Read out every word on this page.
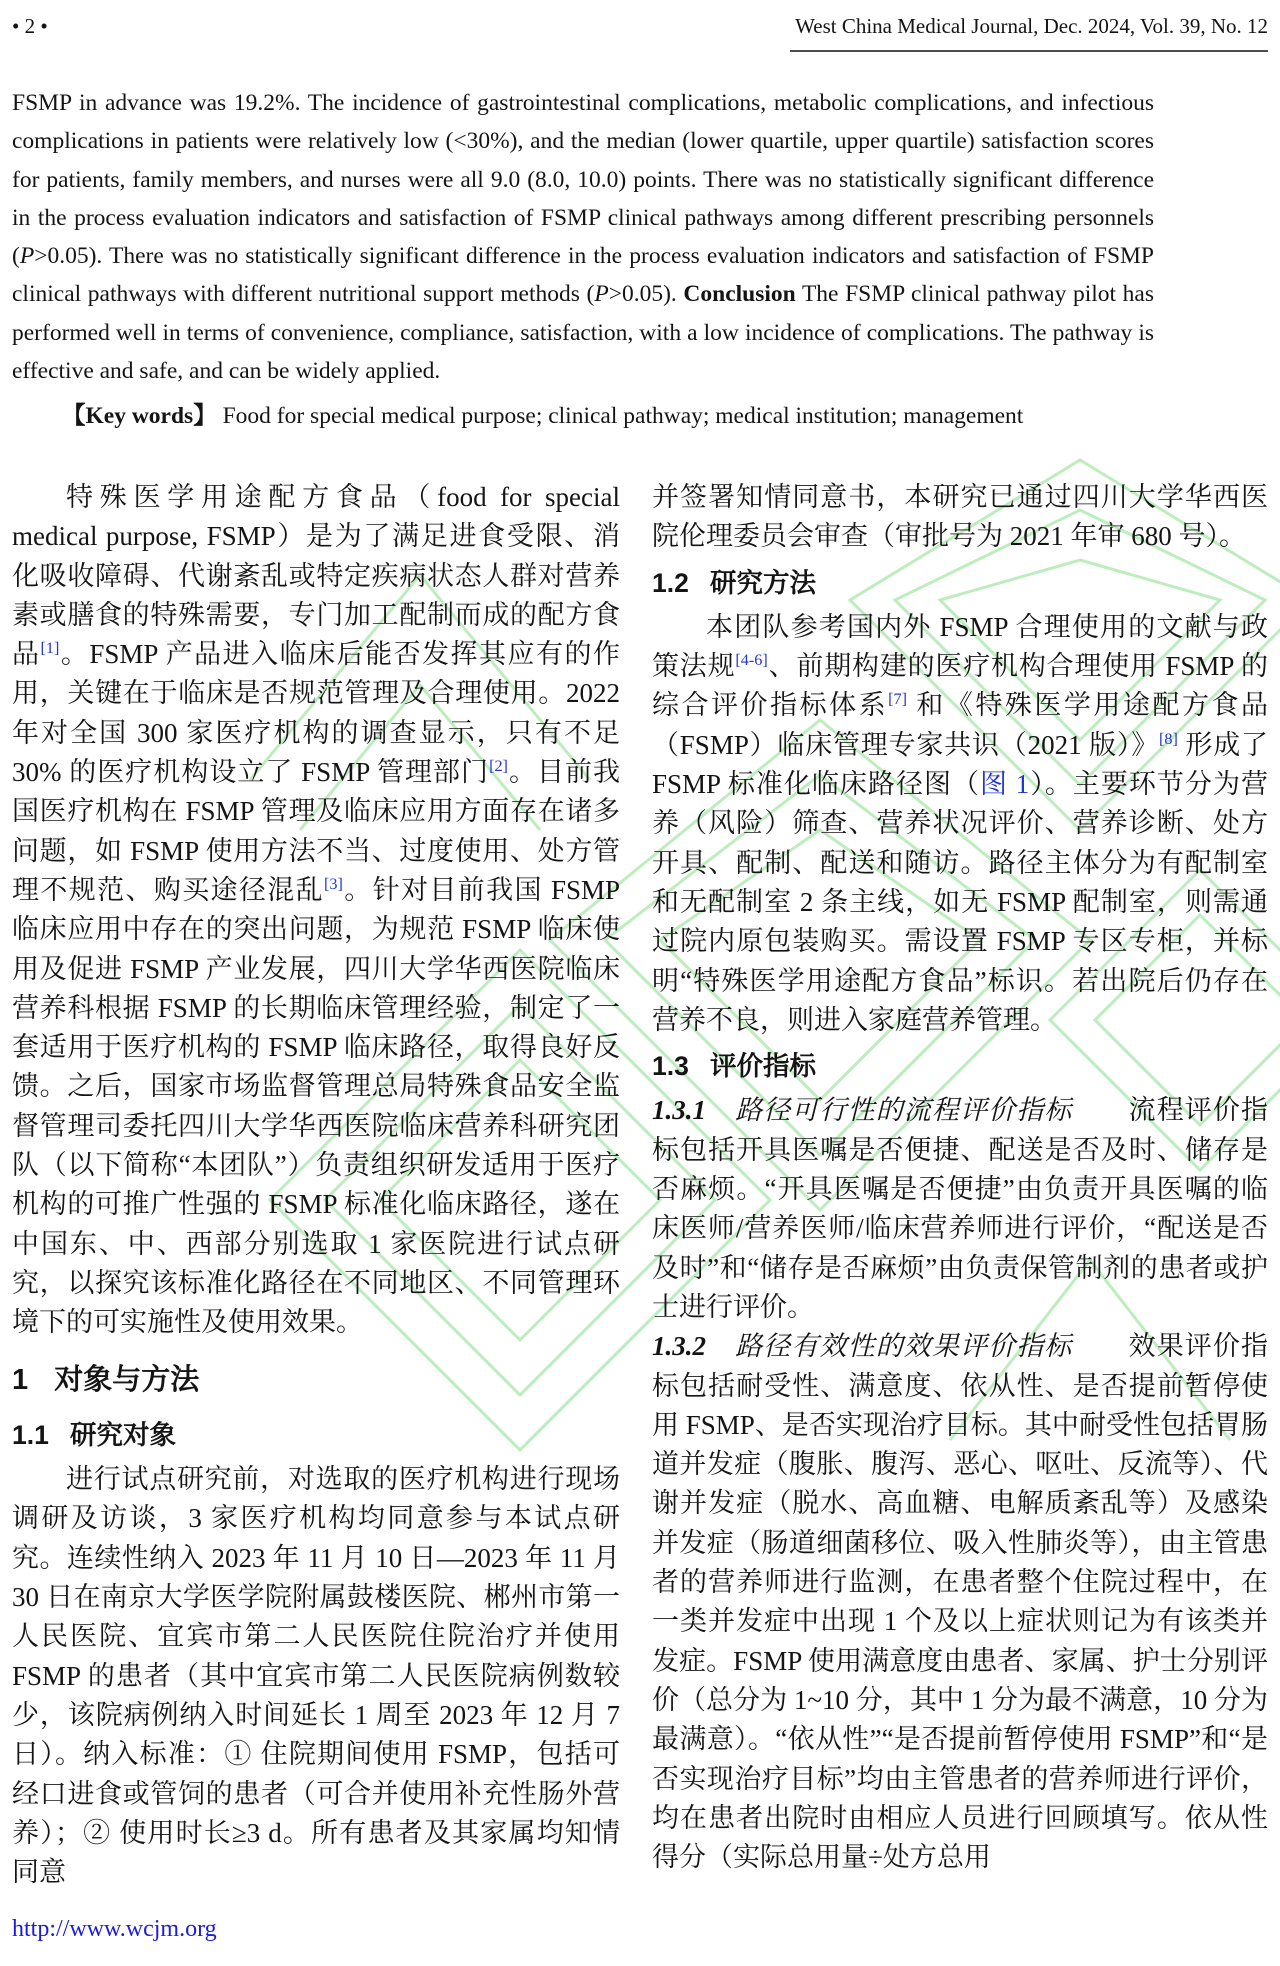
• 2 •	West China Medical Journal, Dec. 2024, Vol. 39, No. 12
FSMP in advance was 19.2%. The incidence of gastrointestinal complications, metabolic complications, and infectious complications in patients were relatively low (<30%), and the median (lower quartile, upper quartile) satisfaction scores for patients, family members, and nurses were all 9.0 (8.0, 10.0) points. There was no statistically significant difference in the process evaluation indicators and satisfaction of FSMP clinical pathways among different prescribing personnels (P>0.05). There was no statistically significant difference in the process evaluation indicators and satisfaction of FSMP clinical pathways with different nutritional support methods (P>0.05). Conclusion The FSMP clinical pathway pilot has performed well in terms of convenience, compliance, satisfaction, with a low incidence of complications. The pathway is effective and safe, and can be widely applied.
【Key words】 Food for special medical purpose; clinical pathway; medical institution; management

特殊医学用途配方食品（food for special medical purpose, FSMP）是为了满足进食受限、消化吸收障碍、代谢紊乱或特定疾病状态人群对营养素或膳食的特殊需要，专门加工配制而成的配方食品[1]。FSMP 产品进入临床后能否发挥其应有的作用，关键在于临床是否规范管理及合理使用。2022 年对全国 300 家医疗机构的调查显示，只有不足 30% 的医疗机构设立了 FSMP 管理部门[2]。目前我国医疗机构在 FSMP 管理及临床应用方面存在诸多问题，如 FSMP 使用方法不当、过度使用、处方管理不规范、购买途径混乱[3]。针对目前我国 FSMP 临床应用中存在的突出问题，为规范 FSMP 临床使用及促进 FSMP 产业发展，四川大学华西医院临床营养科根据 FSMP 的长期临床管理经验，制定了一套适用于医疗机构的 FSMP 临床路径，取得良好反馈。之后，国家市场监督管理总局特殊食品安全监督管理司委托四川大学华西医院临床营养科研究团队（以下简称“本团队”）负责组织研发适用于医疗机构的可推广性强的 FSMP 标准化临床路径，遂在中国东、中、西部分别选取 1 家医院进行试点研究，以探究该标准化路径在不同地区、不同管理环境下的可实施性及使用效果。

1 对象与方法
1.1 研究对象

进行试点研究前，对选取的医疗机构进行现场调研及访谈，3 家医疗机构均同意参与本试点研究。连续性纳入 2023 年 11 月 10 日—2023 年 11 月 30 日在南京大学医学院附属鼓楼医院、郴州市第一人民医院、宜宾市第二人民医院住院治疗并使用 FSMP 的患者（其中宜宾市第二人民医院病例数较少，该院病例纳入时间延长 1 周至 2023 年 12 月 7 日）。纳入标准：① 住院期间使用 FSMP，包括可经口进食或管饲的患者（可合并使用补充性肠外营养）；② 使用时长≥3 d。所有患者及其家属均知情同意

并签署知情同意书，本研究已通过四川大学华西医院伦理委员会审查（审批号为 2021 年审 680 号）。

1.2 研究方法

本团队参考国内外 FSMP 合理使用的文献与政策法规[4-6]、前期构建的医疗机构合理使用 FSMP 的综合评价指标体系[7] 和《特殊医学用途配方食品（FSMP）临床管理专家共识（2021 版）》[8] 形成了 FSMP 标准化临床路径图（图 1）。主要环节分为营养（风险）筛查、营养状况评价、营养诊断、处方开具、配制、配送和随访。路径主体分为有配制室和无配制室 2 条主线，如无 FSMP 配制室，则需通过院内原包装购买。需设置 FSMP 专区专柜，并标明“特殊医学用途配方食品”标识。若出院后仍存在营养不良，则进入家庭营养管理。

1.3 评价指标

1.3.1　路径可行性的流程评价指标　　流程评价指标包括开具医嘱是否便捷、配送是否及时、储存是否麻烦。“开具医嘱是否便捷”由负责开具医嘱的临床医师/营养医师/临床营养师进行评价，“配送是否及时”和“储存是否麻烦”由负责保管制剂的患者或护士进行评价。

1.3.2　路径有效性的效果评价指标　　效果评价指标包括耐受性、满意度、依从性、是否提前暂停使用 FSMP、是否实现治疗目标。其中耐受性包括胃肠道并发症（腹胀、腹泻、恶心、呕吐、反流等）、代谢并发症（脱水、高血糖、电解质紊乱等）及感染并发症（肠道细菌移位、吸入性肺炎等），由主管患者的营养师进行监测，在患者整个住院过程中，在一类并发症中出现 1 个及以上症状则记为有该类并发症。FSMP 使用满意度由患者、家属、护士分别评价（总分为 1~10 分，其中 1 分为最不满意，10 分为最满意）。“依从性”“是否提前暂停使用 FSMP”和“是否实现治疗目标”均由主管患者的营养师进行评价，均在患者出院时由相应人员进行回顾填写。依从性得分（实际总用量÷处方总用

http://www.wcjm.org
